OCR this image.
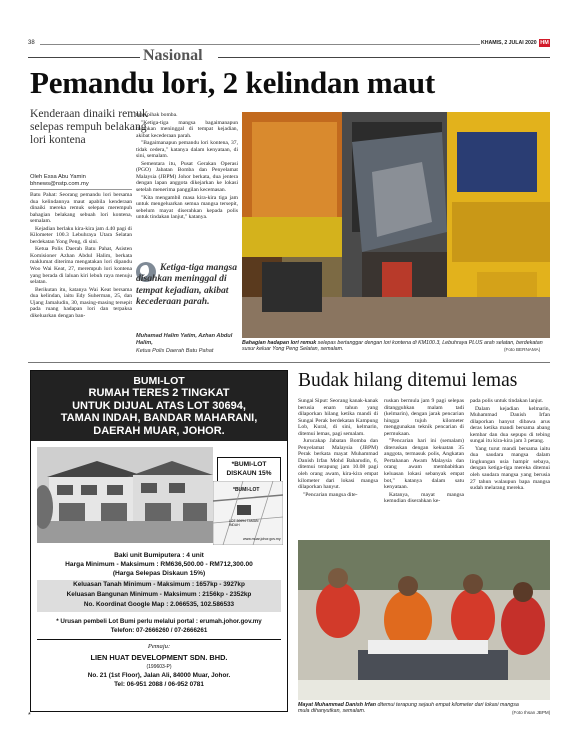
38	KHAMIS, 2 JULAI 2020 HM
Nasional
Pemandu lori, 2 kelindan maut
Kenderaan dinaiki remuk selepas rempuh belakang lori kontena
Oleh Essa Abu Yamin
bhnews@nstp.com.my

Batu Pahat: Seorang pemandu lori bersama dua kelindannya maut apabila kenderaan dinaiki mereka remuk selepas merempuh bahagian belakang sebuah lori kontena, semalam.

Kejadian berlaku kira-kira jam 4.40 pagi di Kilometer 100.3 Lebuhraya Utara Selatan berdekatan Yong Peng, di sini.

Ketua Polis Daerah Batu Pahat, Asisten Komisioner Azhan Abdul Halim, berkata maklumat diterima mengatakan lori dipandu Woo Wai Keat, 27, merempuh lori kontena yang berada di laluan kiri lebuh raya menuju selatan.

Berikutan itu, katanya Wai Keat bersama dua kelindan, iaitu Edy Suherman, 25, dan Ujang Jamaludin, 30, masing-masing tersepit pada ruang hadapan lori dan terpaksa dikeluarkan dengan ban-

tuan pihak bomba.

"Ketiga-tiga mangsa bagaimanapun disahkan meninggal di tempat kejadian, akibat kecederaan parah.

"Bagaimanapun pemandu lori kontena, 37, tidak cedera," katanya dalam kenyataan, di sini, semalam.

Sementara itu, Pusat Gerakan Operasi (PGO) Jabatan Bomba dan Penyelamat Malaysia (JBPM) Johor berkata, dua jentera dengan lapan anggota dikejarkan ke lokasi setelah menerima panggilan kecemasan.

"Kita mengambil masa kira-kira tiga jam untuk mengeluarkan semua mangsa tersepit, sebelum mayat diserahkan kepada polis untuk tindakan lanjut," katanya.

Ketiga-tiga mangsa disahkan meninggal di tempat kejadian, akibat kecederaan parah.
Muhamad Halim Yatim, Azhan Abdul Halim,
Ketua Polis Daerah Batu Pahat
Bahagian hadapan lori remuk selepas bertanggar dengan lori kontena di KM100.3, Lebuhraya PLUS arah selatan, berdekatan susur keluar Yong Peng Selatan, semalam.	(Foto BERNAMA)
BUMI-LOT
RUMAH TERES 2 TINGKAT
UNTUK DIJUAL ATAS LOT 30694,
TAMAN INDAH, BANDAR MAHARANI,
DAERAH MUAR, JOHOR.
*BUMI-LOT
DISKAUN 15%
*BUMI-LOT
LOT 30694 TAMAN INDAH
www.muar.johor.gov.my
Baki unit Bumiputera : 4 unit
Harga Minimum - Maksimum : RM636,500.00 - RM712,300.00
(Harga Selepas Diskaun 15%)
Keluasan Tanah Minimum - Maksimum : 1657kp - 3927kp
Keluasan Bangunan Minimum - Maksimum : 2156kp - 2352kp
No. Koordinat Google Map : 2.066535, 102.586533
* Urusan pembeli Lot Bumi perlu melalui portal : erumah.johor.gov.my
Telefon: 07-2666260 / 07-2666261
Pemaju:
LIEN HUAT DEVELOPMENT SDN. BHD.
(199603-P)
No. 21 (1st Floor), Jalan Ali, 84000 Muar, Johor.
Tel: 06-951 2088 / 06-952 0781
Budak hilang ditemui lemas

Sungai Siput: Seorang kanak-kanak berusia enam tahun yang dilaporkan hilang ketika mandi di Sungai Perak berdekatan Kampung Lob, Kural, di sini, kelmarin, ditemui lemas, pagi semalam.

Jurucakap Jabatan Bomba dan Penyelamat Malaysia (JBPM) Perak berkata mayat Muhammad Danish Irfan Mohd Baharudin, 6, ditemui terapung jam 10.08 pagi oleh orang awam, kira-kira empat kilometer dari lokasi mangsa dilaporkan hanyut.

"Pencarian mangsa dite-

ruskan bermula jam 9 pagi selepas ditangguhkan malam tadi (kelmarin), dengan jarak pencarian hingga tujuh kilometer menggunakan teknik pencarian di permukaan.

"Pencarian hari ini (semalam) diteruskan dengan kekuatan 35 anggota, termasuk polis, Angkatan Pertahanan Awam Malaysia dan orang awam membabitkan keluasan lokasi sebanyak empat bot," katanya dalam satu kenyataan.

Katanya, mayat mangsa kemudian diserahkan ke-

pada polis untuk tindakan lanjut.

Dalam kejadian kelmarin, Muhammad Danish Irfan dilaporkan hanyut dibawa arus deras ketika mandi bersama abang kembar dan dua sepupu di tebing sungai itu kira-kira jam 3 petang.

Yang turut mandi bersama iaitu dua saudara mangsa dalam lingkungan usia hampir sebaya, dengan ketiga-tiga mereka ditemui oleh saudara mangsa yang berusia 27 tahun walaupun bapa mangsa sudah melarang mereka.

Mayat Muhammad Danish Irfan ditemui terapung sejauh empat kilometer dari lokasi mangsa mula dihanyutkan, semalam.	(Foto Ihsan JBPM)
*
